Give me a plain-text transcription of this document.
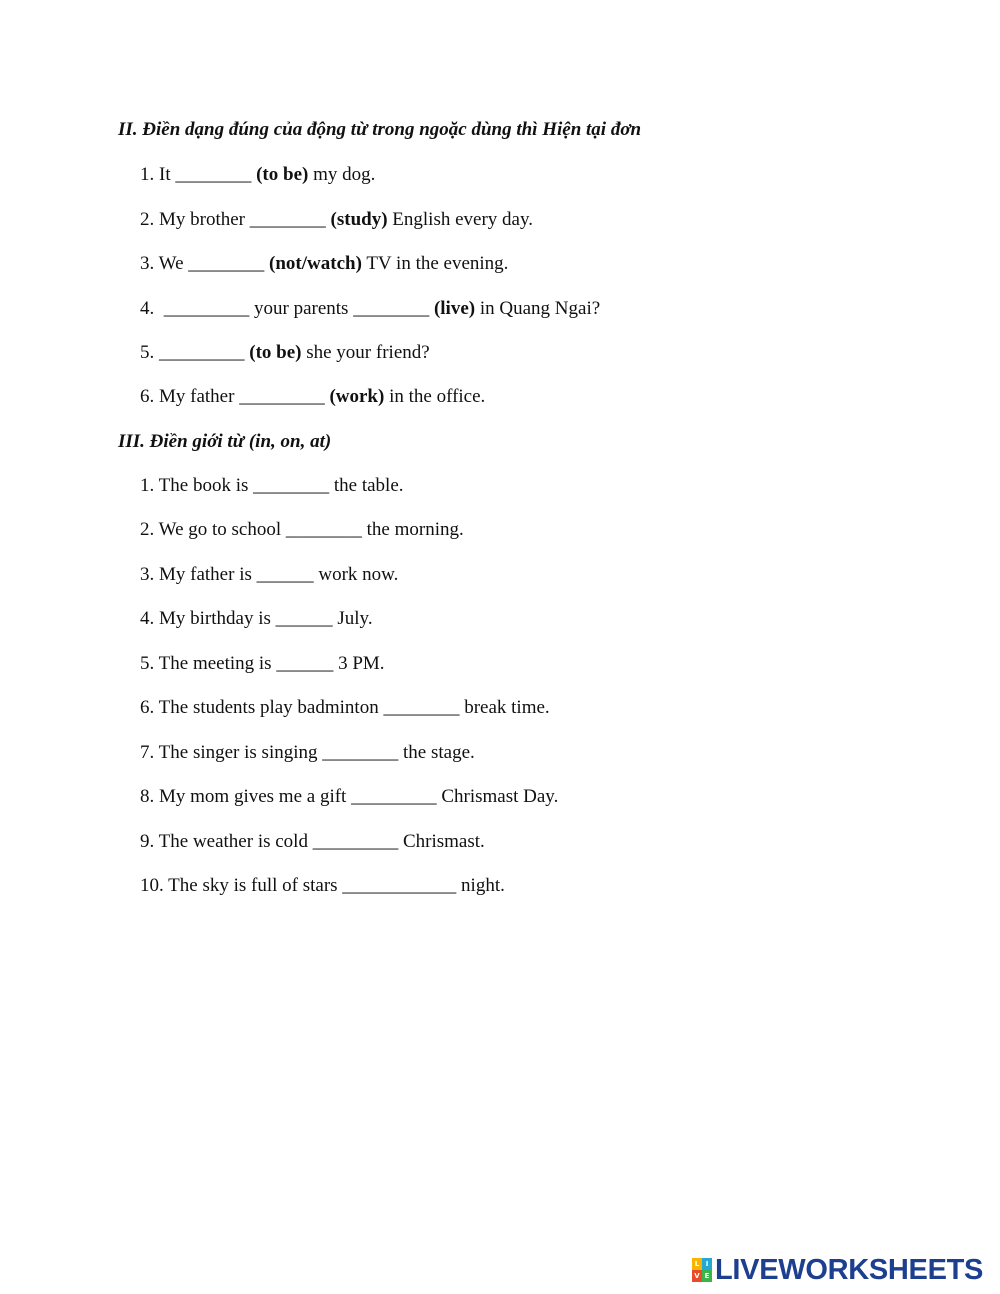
II. Điền dạng đúng của động từ trong ngoặc dùng thì Hiện tại đơn
1. It ________ (to be) my dog.
2. My brother ________ (study) English every day.
3. We ________ (not/watch) TV in the evening.
4.  _________ your parents ________ (live) in Quang Ngai?
5. _________ (to be) she your friend?
6. My father _________ (work) in the office.
III. Điền giới từ (in, on, at)
1. The book is ________ the table.
2. We go to school ________ the morning.
3. My father is ______ work now.
4. My birthday is ______ July.
5. The meeting is ______ 3 PM.
6. The students play badminton ________ break time.
7. The singer is singing ________ the stage.
8. My mom gives me a gift _________ Chrismast Day.
9. The weather is cold _________ Chrismast.
10. The sky is full of stars ____________ night.
L I
V E LIVEWORKSHEETS
